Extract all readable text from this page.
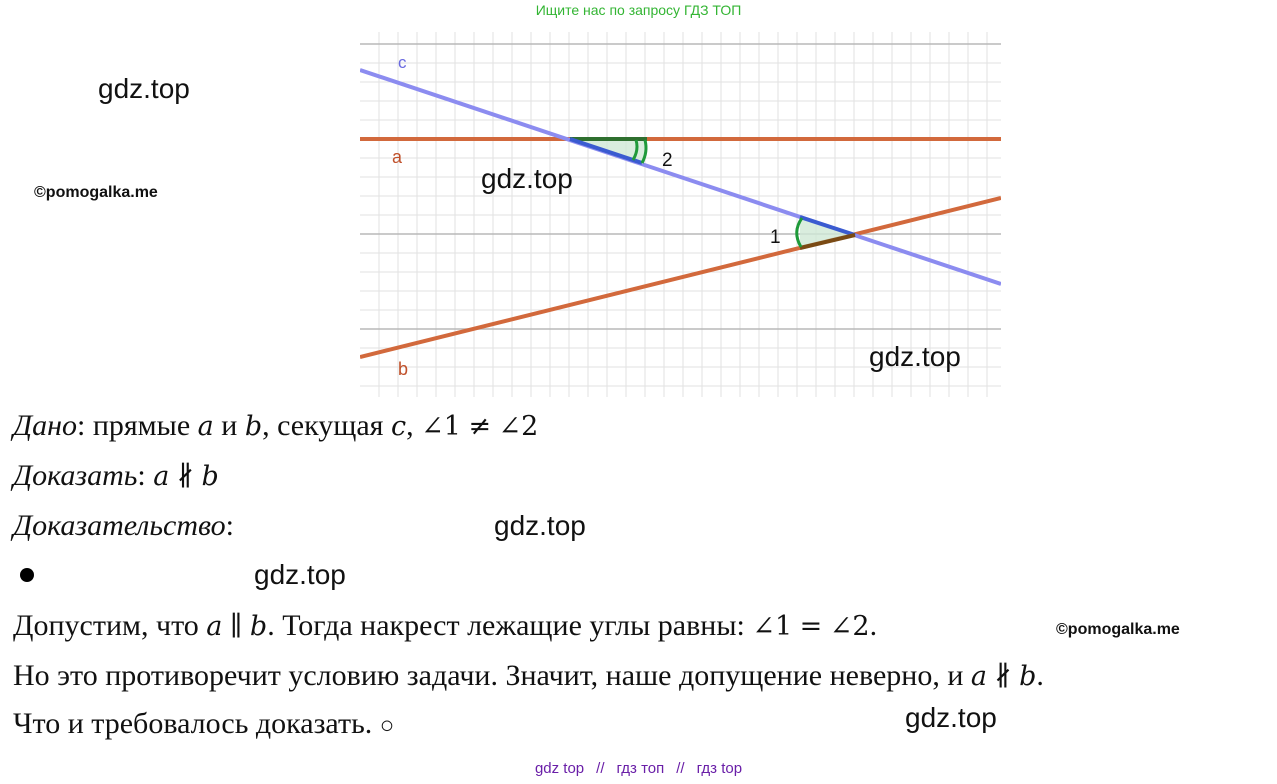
Ищите нас по запросу ГДЗ ТОП
c
a
b
2
1
gdz.top
©pomogalka.me	gdz.top
gdz.top
Дано: прямые a и b, секущая c, ∠1 ≠ ∠2
Доказать: a ∦ b
Доказательство:	gdz.top
gdz.top
Допустим, что a ∥ b. Тогда накрест лежащие углы равны: ∠1 = ∠2.	©pomogalka.me
Но это противоречит условию задачи. Значит, наше допущение неверно, и a ∦ b.
Что и требовалось доказать. ○	gdz.top
gdz top // гдз топ // гдз top
